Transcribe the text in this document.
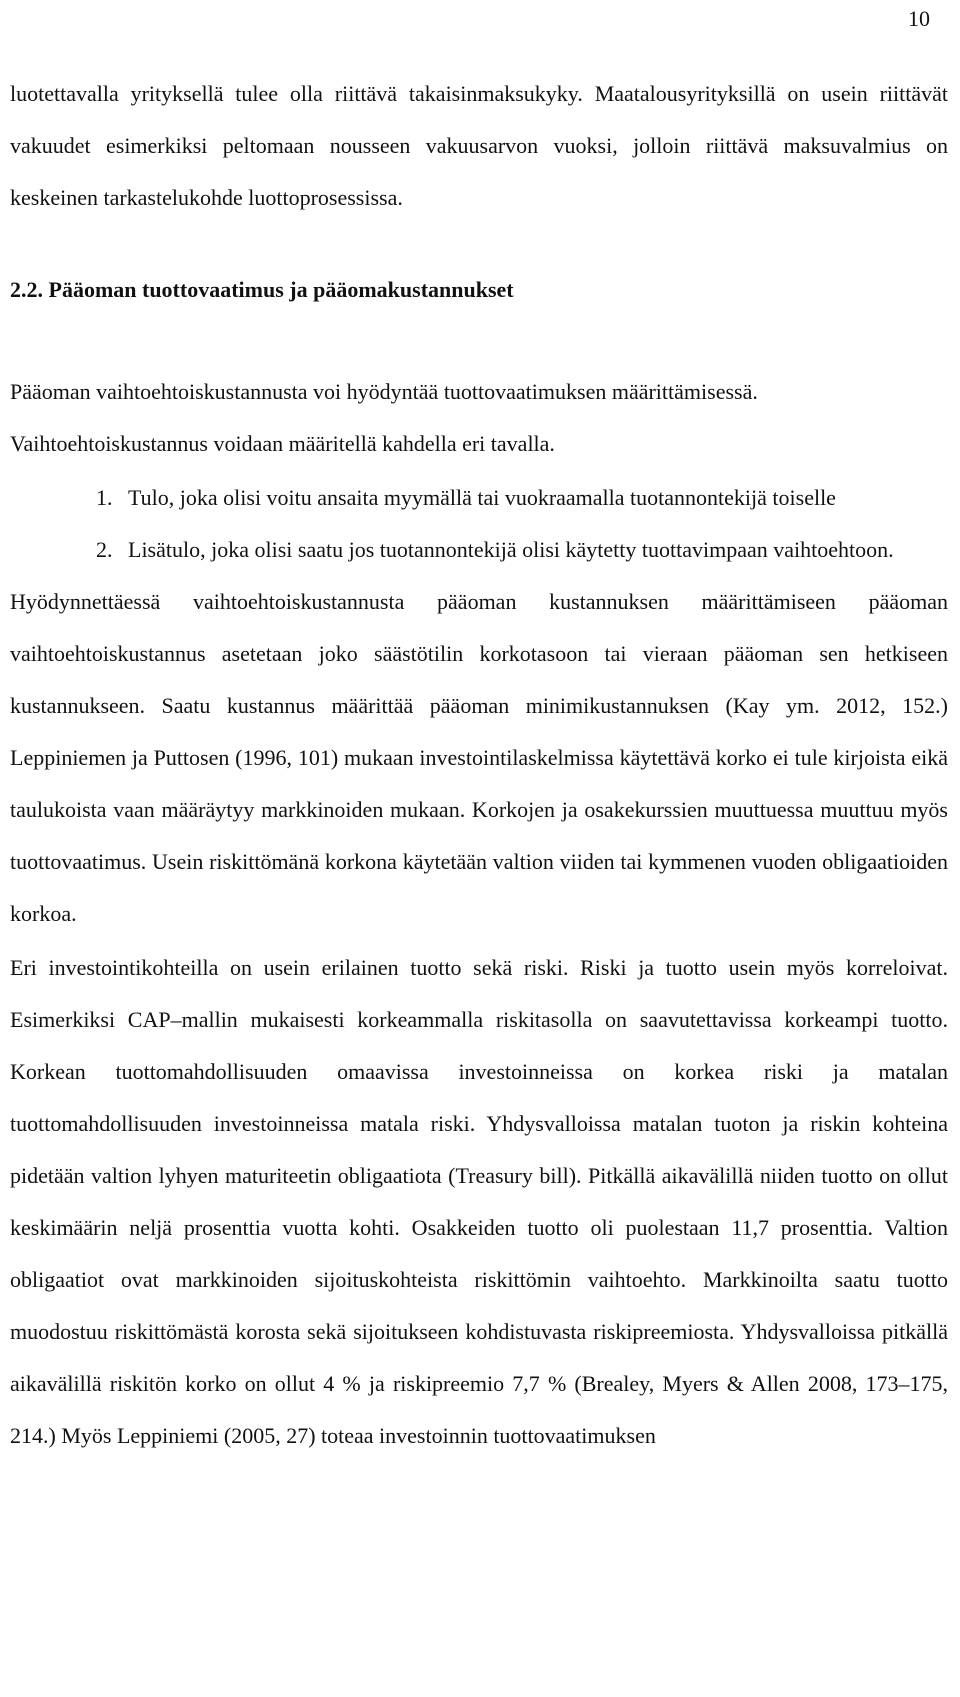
10

luotettavalla yrityksellä tulee olla riittävä takaisinmaksukyky. Maatalousyrityksillä on usein riittävät vakuudet esimerkiksi peltomaan nousseen vakuusarvon vuoksi, jolloin riittävä maksuvalmius on keskeinen tarkastelukohde luottoprosessissa.

2.2. Pääoman tuottovaatimus ja pääomakustannukset

Pääoman vaihtoehtoiskustannusta voi hyödyntää tuottovaatimuksen määrittämisessä. Vaihtoehtoiskustannus voidaan määritellä kahdella eri tavalla.

1. Tulo, joka olisi voitu ansaita myymällä tai vuokraamalla tuotannontekijä toiselle
2. Lisätulo, joka olisi saatu jos tuotannontekijä olisi käytetty tuottavimpaan vaihtoehtoon.

Hyödynnettäessä vaihtoehtoiskustannusta pääoman kustannuksen määrittämiseen pääoman vaihtoehtoiskustannus asetetaan joko säästötilin korkotasoon tai vieraan pääoman sen hetkiseen kustannukseen. Saatu kustannus määrittää pääoman minimikustannuksen (Kay ym. 2012, 152.) Leppiniemen ja Puttosen (1996, 101) mukaan investointilaskelmissa käytettävä korko ei tule kirjoista eikä taulukoista vaan määräytyy markkinoiden mukaan. Korkojen ja osakekurssien muuttuessa muuttuu myös tuottovaatimus. Usein riskittömänä korkona käytetään valtion viiden tai kymmenen vuoden obligaatioiden korkoa.

Eri investointikohteilla on usein erilainen tuotto sekä riski. Riski ja tuotto usein myös korreloivat. Esimerkiksi CAP–mallin mukaisesti korkeammalla riskitasolla on saavutettavissa korkeampi tuotto. Korkean tuottomahdollisuuden omaavissa investoinneissa on korkea riski ja matalan tuottomahdollisuuden investoinneissa matala riski. Yhdysvalloissa matalan tuoton ja riskin kohteina pidetään valtion lyhyen maturiteetin obligaatiota (Treasury bill). Pitkällä aikavälillä niiden tuotto on ollut keskimäärin neljä prosenttia vuotta kohti. Osakkeiden tuotto oli puolestaan 11,7 prosenttia. Valtion obligaatiot ovat markkinoiden sijoituskohteista riskittömin vaihtoehto. Markkinoilta saatu tuotto muodostuu riskittömästä korosta sekä sijoitukseen kohdistuvasta riskipreemiosta. Yhdysvalloissa pitkällä aikavälillä riskitön korko on ollut 4 % ja riskipreemio 7,7 % (Brealey, Myers & Allen 2008, 173–175, 214.) Myös Leppiniemi (2005, 27) toteaa investoinnin tuottovaatimuksen
